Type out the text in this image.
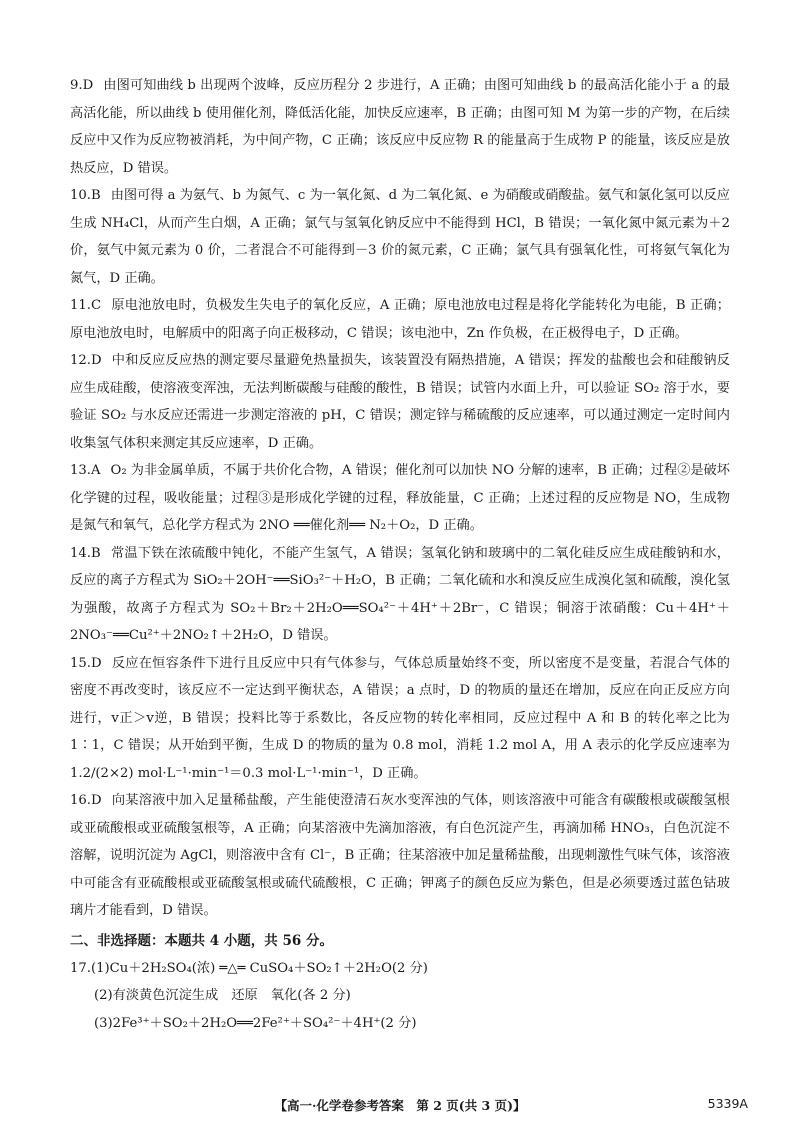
9.D 由图可知曲线 b 出现两个波峰，反应历程分 2 步进行，A 正确；由图可知曲线 b 的最高活化能小于 a 的最高活化能，所以曲线 b 使用催化剂，降低活化能，加快反应速率，B 正确；由图可知 M 为第一步的产物，在后续反应中又作为反应物被消耗，为中间产物，C 正确；该反应中反应物 R 的能量高于生成物 P 的能量，该反应是放热反应，D 错误。

10.B 由图可得 a 为氨气、b 为氮气、c 为一氧化氮、d 为二氧化氮、e 为硝酸或硝酸盐。氨气和氯化氢可以反应生成 NH₄Cl，从而产生白烟，A 正确；氯气与氢氧化钠反应中不能得到 HCl，B 错误；一氧化氮中氮元素为＋2 价，氨气中氮元素为 0 价，二者混合不可能得到－3 价的氮元素，C 正确；氯气具有强氧化性，可将氨气氧化为氮气，D 正确。

11.C 原电池放电时，负极发生失电子的氧化反应，A 正确；原电池放电过程是将化学能转化为电能，B 正确；原电池放电时，电解质中的阳离子向正极移动，C 错误；该电池中，Zn 作负极，在正极得电子，D 正确。

12.D 中和反应反应热的测定要尽量避免热量损失，该装置没有隔热措施，A 错误；挥发的盐酸也会和硅酸钠反应生成硅酸，使溶液变浑浊，无法判断碳酸与硅酸的酸性，B 错误；试管内水面上升，可以验证 SO₂ 溶于水，要验证 SO₂ 与水反应还需进一步测定溶液的 pH，C 错误；测定锌与稀硫酸的反应速率，可以通过测定一定时间内收集氢气体积来测定其反应速率，D 正确。

13.A O₂ 为非金属单质，不属于共价化合物，A 错误；催化剂可以加快 NO 分解的速率，B 正确；过程②是破坏化学键的过程，吸收能量；过程③是形成化学键的过程，释放能量，C 正确；上述过程的反应物是 NO，生成物是氮气和氧气，总化学方程式为 2NO ══催化剂══ N₂＋O₂，D 正确。

14.B 常温下铁在浓硫酸中钝化，不能产生氢气，A 错误；氢氧化钠和玻璃中的二氧化硅反应生成硅酸钠和水，反应的离子方程式为 SiO₂＋2OH⁻══SiO₃²⁻＋H₂O，B 正确；二氧化硫和水和溴反应生成溴化氢和硫酸，溴化氢为强酸，故离子方程式为 SO₂＋Br₂＋2H₂O══SO₄²⁻＋4H⁺＋2Br⁻，C 错误；铜溶于浓硝酸：Cu＋4H⁺＋2NO₃⁻══Cu²⁺＋2NO₂↑＋2H₂O，D 错误。

15.D 反应在恒容条件下进行且反应中只有气体参与，气体总质量始终不变，所以密度不是变量，若混合气体的密度不再改变时，该反应不一定达到平衡状态，A 错误；a 点时，D 的物质的量还在增加，反应在向正反应方向进行，v正＞v逆，B 错误；投料比等于系数比，各反应物的转化率相同，反应过程中 A 和 B 的转化率之比为 1∶1，C 错误；从开始到平衡，生成 D 的物质的量为 0.8 mol，消耗 1.2 mol A，用 A 表示的化学反应速率为 1.2/(2×2) mol·L⁻¹·min⁻¹＝0.3 mol·L⁻¹·min⁻¹，D 正确。

16.D 向某溶液中加入足量稀盐酸，产生能使澄清石灰水变浑浊的气体，则该溶液中可能含有碳酸根或碳酸氢根或亚硫酸根或亚硫酸氢根等，A 正确；向某溶液中先滴加溶液，有白色沉淀产生，再滴加稀 HNO₃，白色沉淀不溶解，说明沉淀为 AgCl，则溶液中含有 Cl⁻，B 正确；往某溶液中加足量稀盐酸，出现刺激性气味气体，该溶液中可能含有亚硫酸根或亚硫酸氢根或硫代硫酸根，C 正确；钾离子的颜色反应为紫色，但是必须要透过蓝色钴玻璃片才能看到，D 错误。

二、非选择题：本题共 4 小题，共 56 分。

17.(1)Cu＋2H₂SO₄(浓) ═△═ CuSO₄＋SO₂↑＋2H₂O(2 分)

(2)有淡黄色沉淀生成　还原　氧化(各 2 分)

(3)2Fe³⁺＋SO₂＋2H₂O══2Fe²⁺＋SO₄²⁻＋4H⁺(2 分)

【高一·化学卷参考答案　第 2 页(共 3 页)】	5339A
